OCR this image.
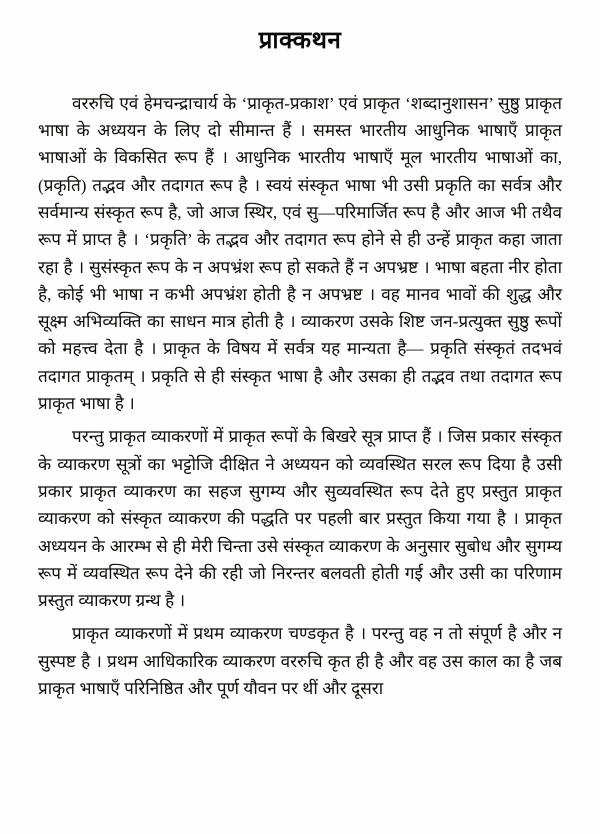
प्राक्कथन

वररुचि एवं हेमचन्द्राचार्य के ‘प्राकृत-प्रकाश’ एवं प्राकृत ‘शब्दानुशासन’ सुष्ठु प्राकृत भाषा के अध्ययन के लिए दो सीमान्त हैं । समस्त भारतीय आधुनिक भाषाएँ प्राकृत भाषाओं के विकसित रूप हैं । आधुनिक भारतीय भाषाएँ मूल भारतीय भाषाओं का, (प्रकृति) तद्भव और तदागत रूप है । स्वयं संस्कृत भाषा भी उसी प्रकृति का सर्वत्र और सर्वमान्य संस्कृत रूप है, जो आज स्थिर, एवं सु—परिमार्जित रूप है और आज भी तथैव रूप में प्राप्त है । ‘प्रकृति’ के तद्भव और तदागत रूप होने से ही उन्हें प्राकृत कहा जाता रहा है । सुसंस्कृत रूप के न अपभ्रंश रूप हो सकते हैं न अपभ्रष्ट । भाषा बहता नीर होता है, कोई भी भाषा न कभी अपभ्रंश होती है न अपभ्रष्ट । वह मानव भावों की शुद्ध और सूक्ष्म अभिव्यक्ति का साधन मात्र होती है । व्याकरण उसके शिष्ट जन-प्रत्युक्त सुष्ठु रूपों को महत्त्व देता है । प्राकृत के विषय में सर्वत्र यह मान्यता है— प्रकृति संस्कृतं तदभवं तदागत प्राकृतम् । प्रकृति से ही संस्कृत भाषा है और उसका ही तद्भव तथा तदागत रूप प्राकृत भाषा है ।

परन्तु प्राकृत व्याकरणों में प्राकृत रूपों के बिखरे सूत्र प्राप्त हैं । जिस प्रकार संस्कृत के व्याकरण सूत्रों का भट्टोजि दीक्षित ने अध्ययन को व्यवस्थित सरल रूप दिया है उसी प्रकार प्राकृत व्याकरण का सहज सुगम्य और सुव्यवस्थित रूप देते हुए प्रस्तुत प्राकृत व्याकरण को संस्कृत व्याकरण की पद्धति पर पहली बार प्रस्तुत किया गया है । प्राकृत अध्ययन के आरम्भ से ही मेरी चिन्ता उसे संस्कृत व्याकरण के अनुसार सुबोध और सुगम्य रूप में व्यवस्थित रूप देने की रही जो निरन्तर बलवती होती गई और उसी का परिणाम प्रस्तुत व्याकरण ग्रन्थ है ।

प्राकृत व्याकरणों में प्रथम व्याकरण चण्डकृत है । परन्तु वह न तो संपूर्ण है और न सुस्पष्ट है । प्रथम आधिकारिक व्याकरण वररुचि कृत ही है और वह उस काल का है जब प्राकृत भाषाएँ परिनिष्ठित और पूर्ण यौवन पर थीं और दूसरा
